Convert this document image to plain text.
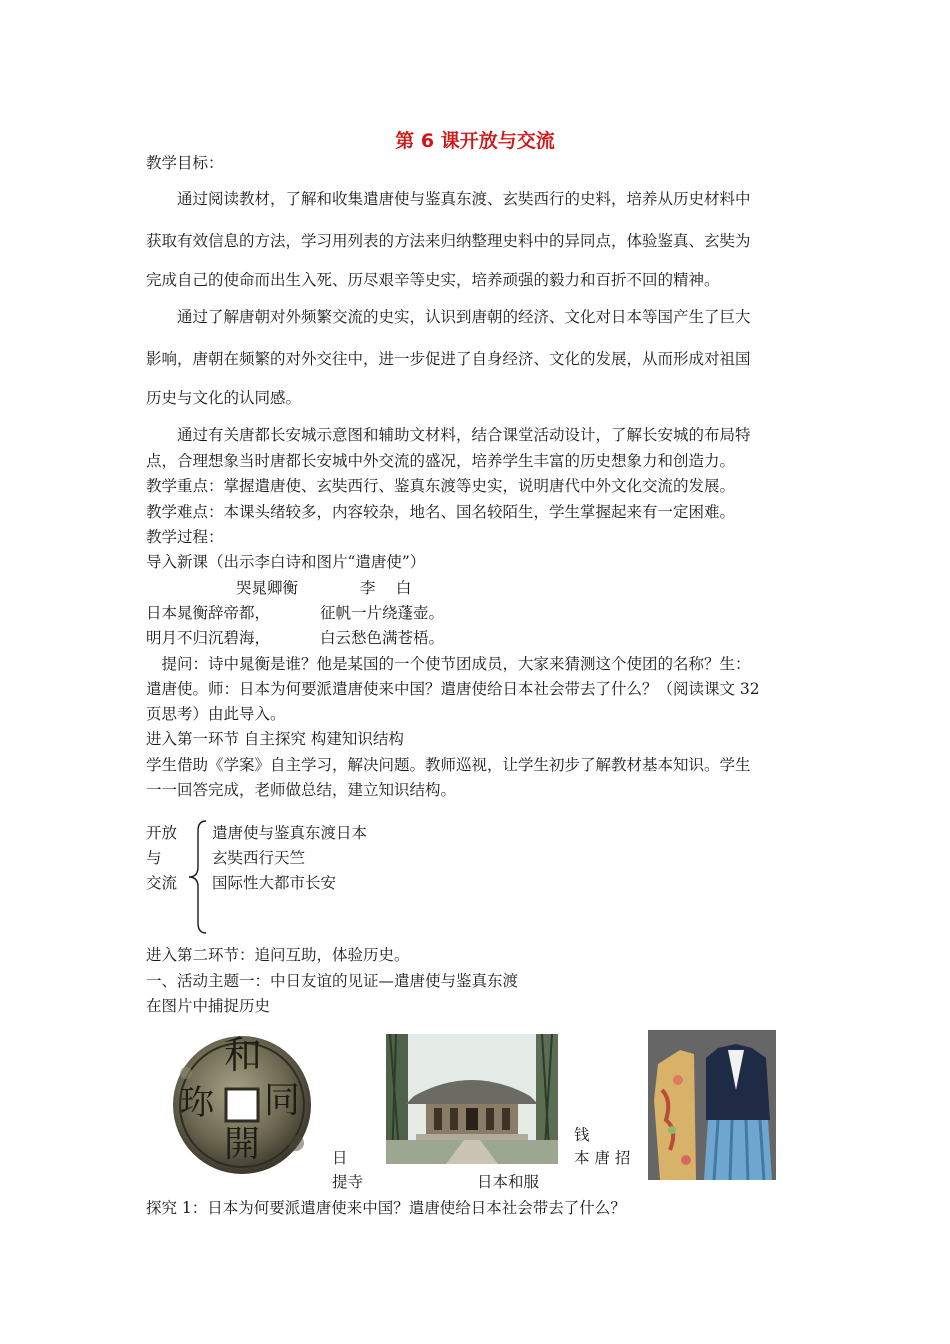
第 6 课开放与交流
教学目标：
通过阅读教材，了解和收集遣唐使与鉴真东渡、玄奘西行的史料，培养从历史材料中
获取有效信息的方法，学习用列表的方法来归纳整理史料中的异同点，体验鉴真、玄奘为
完成自己的使命而出生入死、历尽艰辛等史实，培养顽强的毅力和百折不回的精神。
通过了解唐朝对外频繁交流的史实，认识到唐朝的经济、文化对日本等国产生了巨大
影响，唐朝在频繁的对外交往中，进一步促进了自身经济、文化的发展，从而形成对祖国
历史与文化的认同感。
通过有关唐都长安城示意图和辅助文材料，结合课堂活动设计，了解长安城的布局特
点，合理想象当时唐都长安城中外交流的盛况，培养学生丰富的历史想象力和创造力。
教学重点：掌握遣唐使、玄奘西行、鉴真东渡等史实，说明唐代中外文化交流的发展。
教学难点：本课头绪较多，内容较杂，地名、国名较陌生，学生掌握起来有一定困难。
教学过程：
导入新课（出示李白诗和图片“遣唐使”）
哭晁卿衡	李　 白
日本晁衡辞帝都，	征帆一片绕蓬壶。
明月不归沉碧海，	白云愁色满苍梧。
　提问：诗中晁衡是谁？他是某国的一个使节团成员，大家来猜测这个使团的名称？生：
遣唐使。师：日本为何要派遣唐使来中国？遣唐使给日本社会带去了什么？（阅读课文 32
页思考）由此导入。
进入第一环节 自主探究 构建知识结构
学生借助《学案》自主学习，解决问题。教师巡视，让学生初步了解教材基本知识。学生
一一回答完成，老师做总结，建立知识结构。
开放
与
交流
遣唐使与鉴真东渡日本
玄奘西行天竺
国际性大都市长安
进入第二环节：追问互助，体验历史。
一、活动主题一：中日友谊的见证—遣唐使与鉴真东渡
在图片中捕捉历史
和
同
開
珎
钱
日	本 唐 招
提寺	日本和服
探究 1：日本为何要派遣唐使来中国？遣唐使给日本社会带去了什么？
